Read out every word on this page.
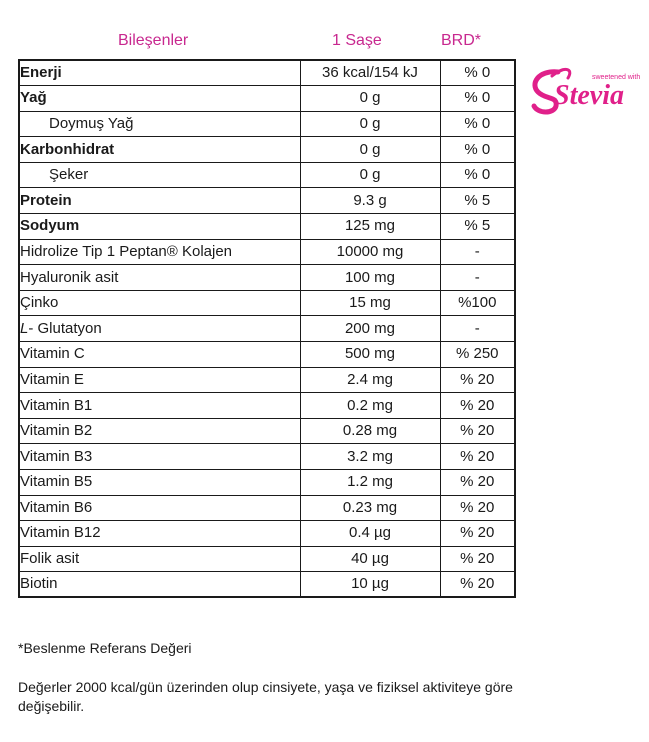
Bileşenler	1 Saşe	BRD*
Enerji	36 kcal/154 kJ	% 0
Yağ	0 g	% 0
Doymuş Yağ	0 g	% 0
Karbonhidrat	0 g	% 0
Şeker	0 g	% 0
Protein	9.3 g	% 5
Sodyum	125 mg	% 5
Hidrolize Tip 1 Peptan® Kolajen	10000 mg	-
Hyaluronik asit	100 mg	-
Çinko	15 mg	%100
L- Glutatyon	200 mg	-
Vitamin C	500 mg	% 250
Vitamin E	2.4 mg	% 20
Vitamin B1	0.2 mg	% 20
Vitamin B2	0.28 mg	% 20
Vitamin B3	3.2 mg	% 20
Vitamin B5	1.2 mg	% 20
Vitamin B6	0.23 mg	% 20
Vitamin B12	0.4 µg	% 20
Folik asit	40 µg	% 20
Biotin	10 µg	% 20
sweetened with
Stevia
*Beslenme Referans Değeri
Değerler 2000 kcal/gün üzerinden olup cinsiyete, yaşa ve fiziksel aktiviteye göre değişebilir.
